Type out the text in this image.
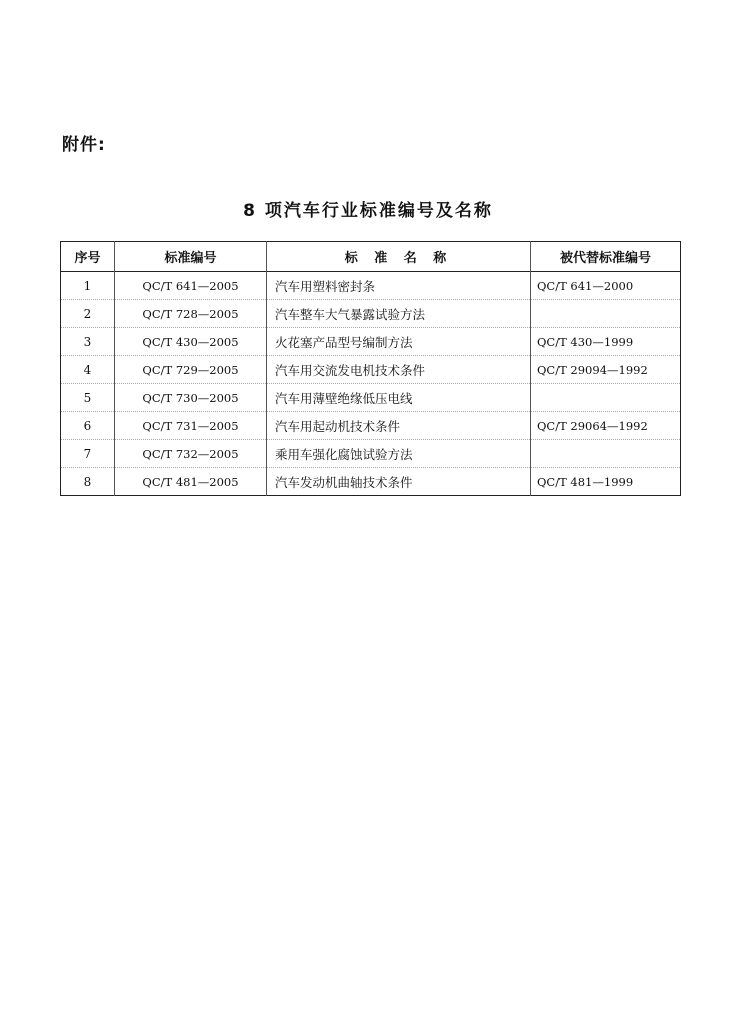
附件:
8 项汽车行业标准编号及名称
序号	标准编号	标 准 名 称	被代替标准编号
1	QC/T 641—2005	汽车用塑料密封条	QC/T 641—2000
2	QC/T 728—2005	汽车整车大气暴露试验方法	
3	QC/T 430—2005	火花塞产品型号编制方法	QC/T 430—1999
4	QC/T 729—2005	汽车用交流发电机技术条件	QC/T 29094—1992
5	QC/T 730—2005	汽车用薄壁绝缘低压电线	
6	QC/T 731—2005	汽车用起动机技术条件	QC/T 29064—1992
7	QC/T 732—2005	乘用车强化腐蚀试验方法	
8	QC/T 481—2005	汽车发动机曲轴技术条件	QC/T 481—1999
